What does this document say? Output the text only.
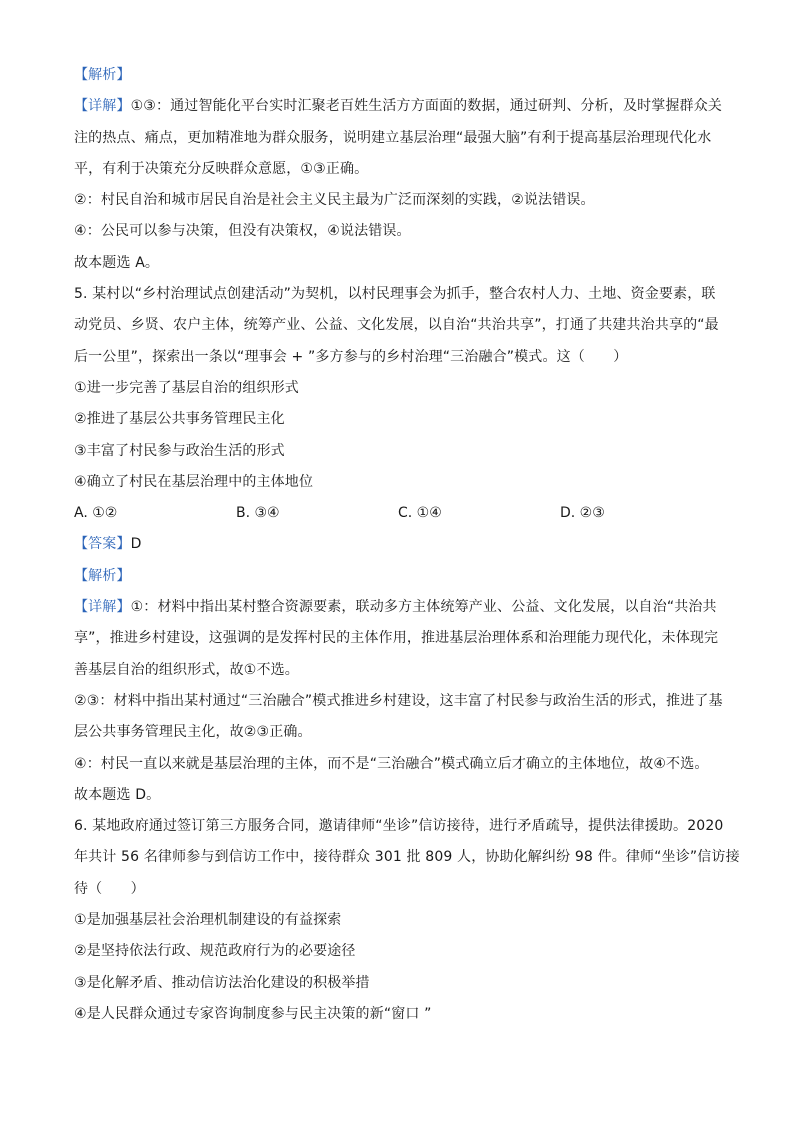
【解析】
【详解】①③：通过智能化平台实时汇聚老百姓生活方方面面的数据，通过研判、分析，及时掌握群众关
注的热点、痛点，更加精准地为群众服务，说明建立基层治理“最强大脑”有利于提高基层治理现代化水
平，有利于决策充分反映群众意愿，①③正确。
②：村民自治和城市居民自治是社会主义民主最为广泛而深刻的实践，②说法错误。
④：公民可以参与决策，但没有决策权，④说法错误。
故本题选 A。
5. 某村以“乡村治理试点创建活动”为契机，以村民理事会为抓手，整合农村人力、土地、资金要素，联
动党员、乡贤、农户主体，统筹产业、公益、文化发展，以自治“共治共享”，打通了共建共治共享的“最
后一公里”，探索出一条以“理事会 + ”多方参与的乡村治理“三治融合”模式。这（　　）
①进一步完善了基层自治的组织形式
②推进了基层公共事务管理民主化
③丰富了村民参与政治生活的形式
④确立了村民在基层治理中的主体地位
A. ①②	B. ③④	C. ①④	D. ②③
【答案】D
【解析】
【详解】①：材料中指出某村整合资源要素，联动多方主体统筹产业、公益、文化发展，以自治“共治共
享”，推进乡村建设，这强调的是发挥村民的主体作用，推进基层治理体系和治理能力现代化，未体现完
善基层自治的组织形式，故①不选。
②③：材料中指出某村通过“三治融合”模式推进乡村建设，这丰富了村民参与政治生活的形式，推进了基
层公共事务管理民主化，故②③正确。
④：村民一直以来就是基层治理的主体，而不是“三治融合”模式确立后才确立的主体地位，故④不选。
故本题选 D。
6. 某地政府通过签订第三方服务合同，邀请律师“坐诊”信访接待，进行矛盾疏导，提供法律援助。2020
年共计 56 名律师参与到信访工作中，接待群众 301 批 809 人，协助化解纠纷 98 件。律师“坐诊”信访接
待（　　）
①是加强基层社会治理机制建设的有益探索
②是坚持依法行政、规范政府行为的必要途径
③是化解矛盾、推动信访法治化建设的积极举措
④是人民群众通过专家咨询制度参与民主决策的新“窗口 ”
